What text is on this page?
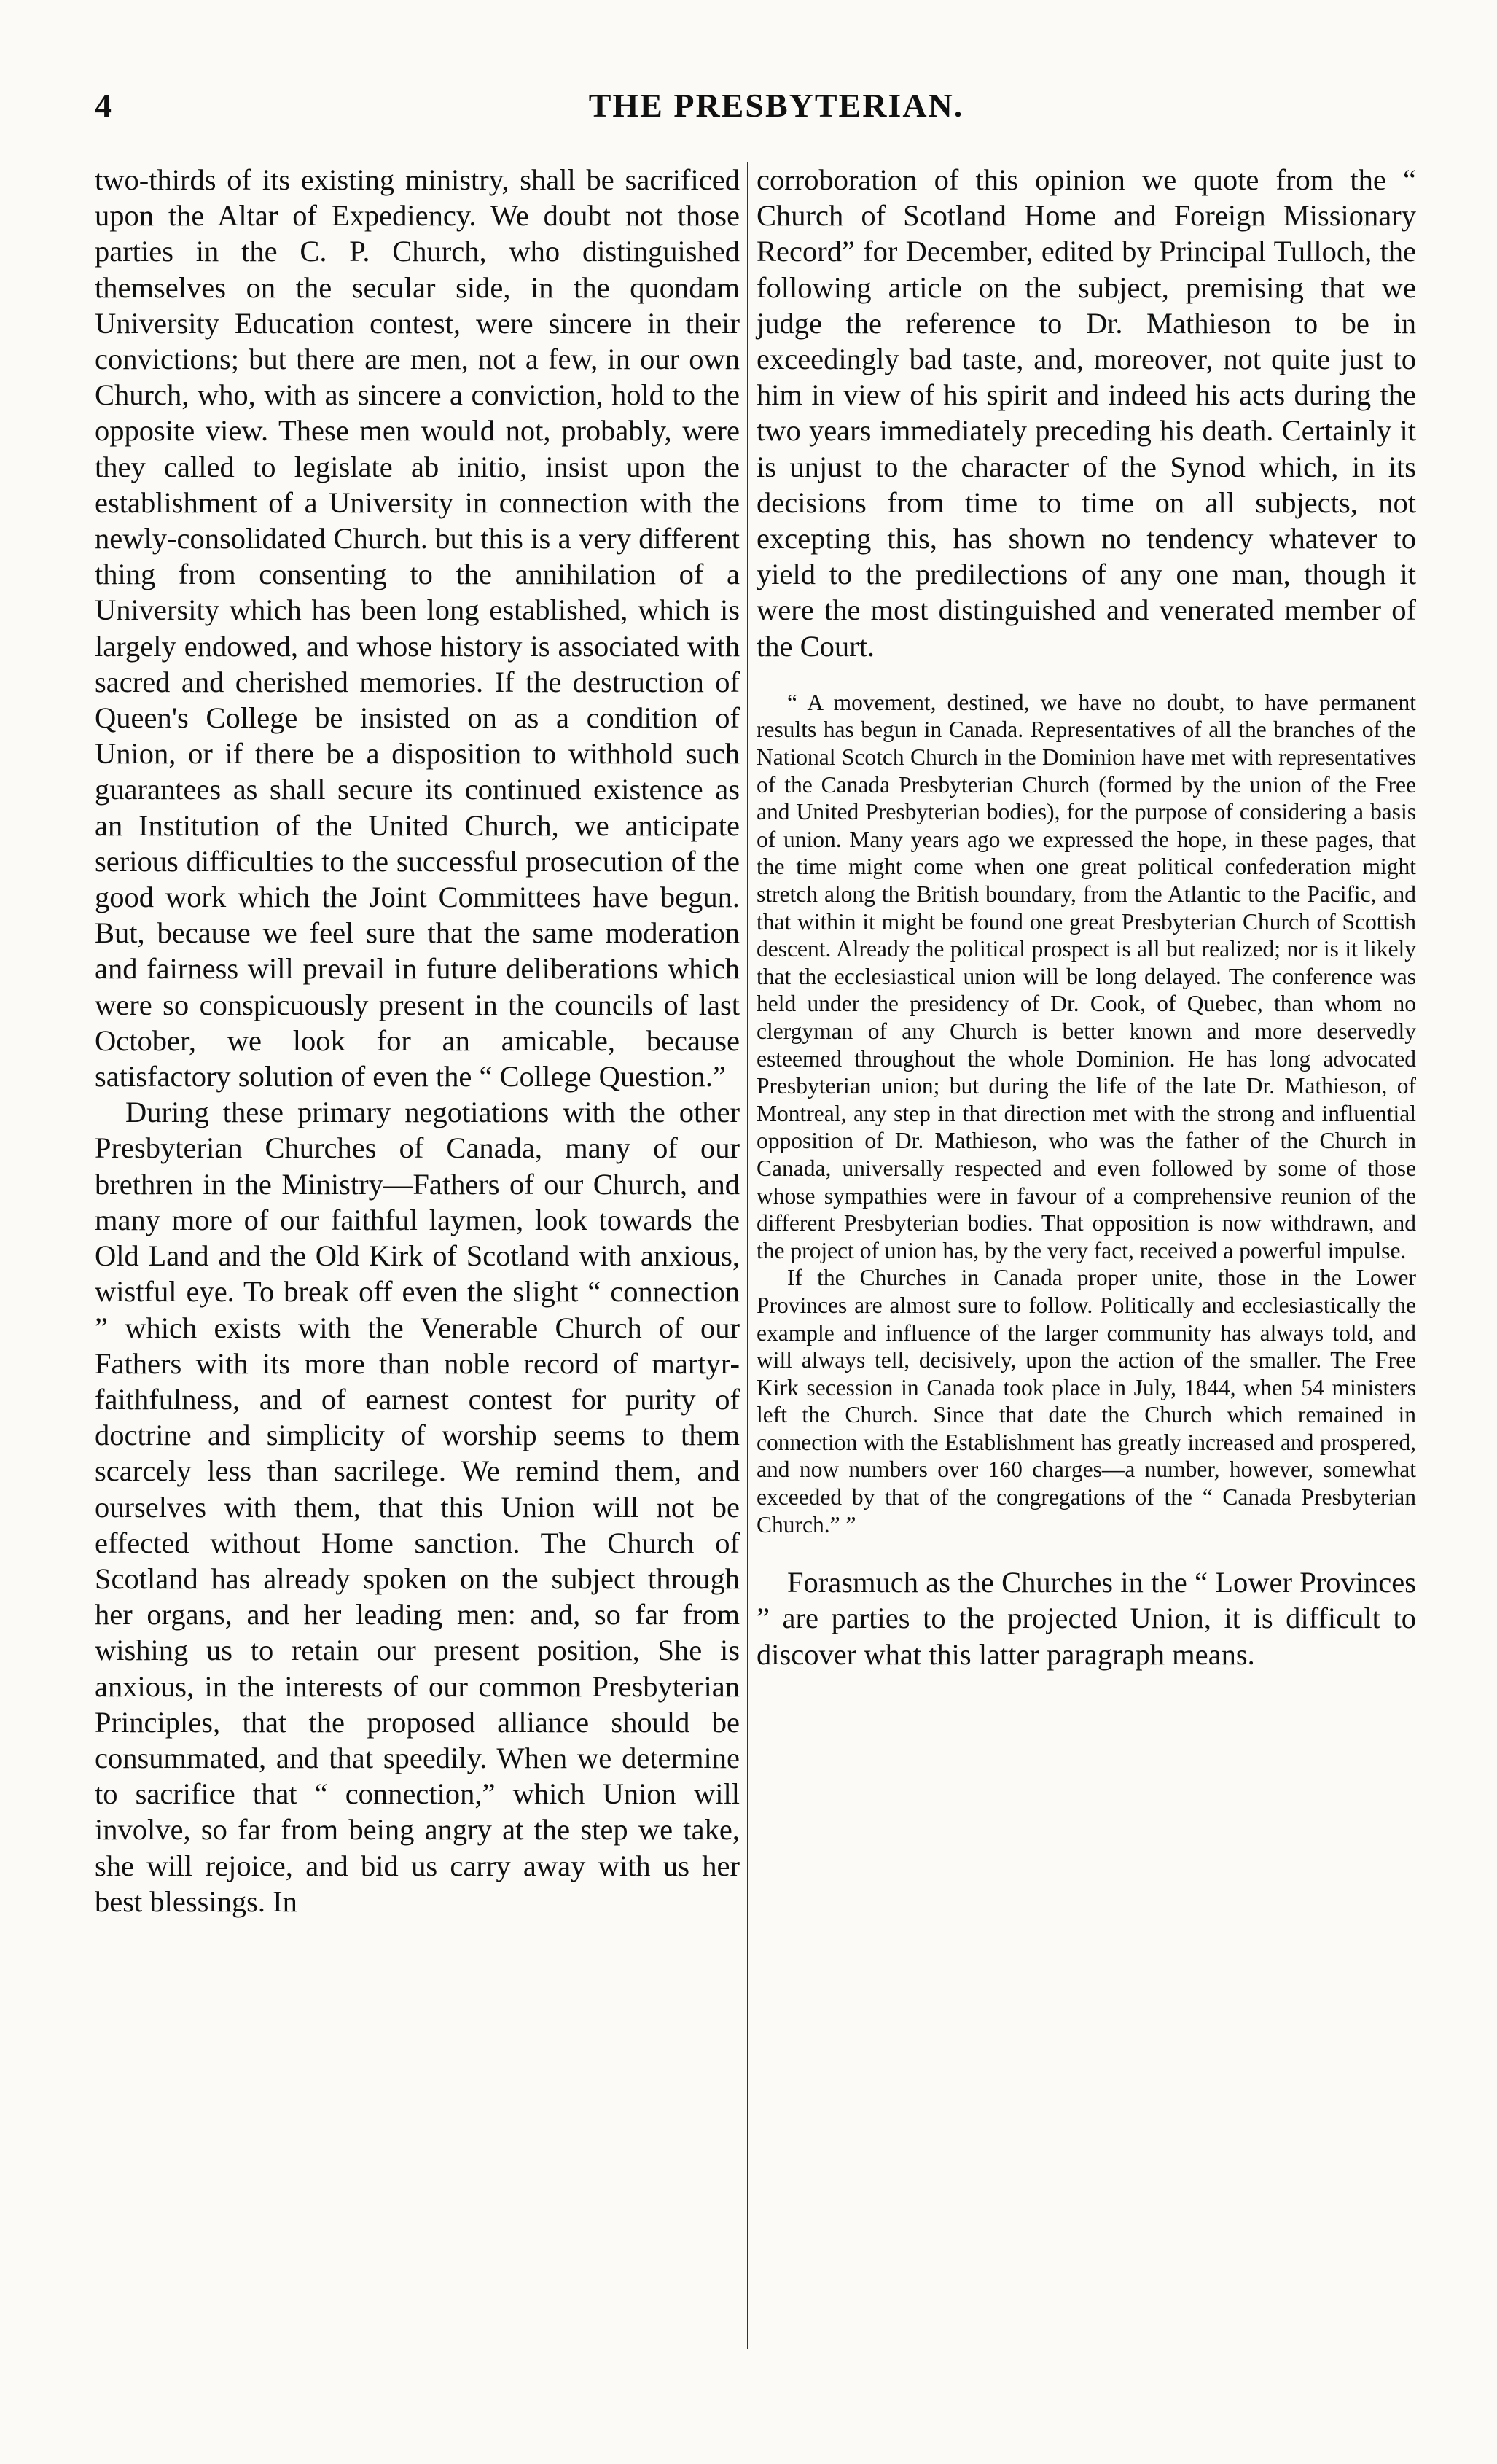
4	THE PRESBYTERIAN.

two-thirds of its existing ministry, shall be sacrificed upon the Altar of Expediency. We doubt not those parties in the C. P. Church, who distinguished themselves on the secular side, in the quondam University Education contest, were sincere in their convictions; but there are men, not a few, in our own Church, who, with as sincere a conviction, hold to the opposite view. These men would not, probably, were they called to legislate ab initio, insist upon the establishment of a University in connection with the newly-consolidated Church. but this is a very different thing from consenting to the annihilation of a University which has been long established, which is largely endowed, and whose history is associated with sacred and cherished memories. If the destruction of Queen's College be insisted on as a condition of Union, or if there be a disposition to withhold such guarantees as shall secure its continued existence as an Institution of the United Church, we anticipate serious difficulties to the successful prosecution of the good work which the Joint Committees have begun. But, because we feel sure that the same moderation and fairness will prevail in future deliberations which were so conspicuously present in the councils of last October, we look for an amicable, because satisfactory solution of even the “ College Question.”

During these primary negotiations with the other Presbyterian Churches of Canada, many of our brethren in the Ministry—Fathers of our Church, and many more of our faithful laymen, look towards the Old Land and the Old Kirk of Scotland with anxious, wistful eye. To break off even the slight “ connection ” which exists with the Venerable Church of our Fathers with its more than noble record of martyr-faithfulness, and of earnest contest for purity of doctrine and simplicity of worship seems to them scarcely less than sacrilege. We remind them, and ourselves with them, that this Union will not be effected without Home sanction. The Church of Scotland has already spoken on the subject through her organs, and her leading men: and, so far from wishing us to retain our present position, She is anxious, in the interests of our common Presbyterian Principles, that the proposed alliance should be consummated, and that speedily. When we determine to sacrifice that “ connection,” which Union will involve, so far from being angry at the step we take, she will rejoice, and bid us carry away with us her best blessings. In

corroboration of this opinion we quote from the “ Church of Scotland Home and Foreign Missionary Record” for December, edited by Principal Tulloch, the following article on the subject, premising that we judge the reference to Dr. Mathieson to be in exceedingly bad taste, and, moreover, not quite just to him in view of his spirit and indeed his acts during the two years immediately preceding his death. Certainly it is unjust to the character of the Synod which, in its decisions from time to time on all subjects, not excepting this, has shown no tendency whatever to yield to the predilections of any one man, though it were the most distinguished and venerated member of the Court.

“ A movement, destined, we have no doubt, to have permanent results has begun in Canada. Representatives of all the branches of the National Scotch Church in the Dominion have met with representatives of the Canada Presbyterian Church (formed by the union of the Free and United Presbyterian bodies), for the purpose of considering a basis of union. Many years ago we expressed the hope, in these pages, that the time might come when one great political confederation might stretch along the British boundary, from the Atlantic to the Pacific, and that within it might be found one great Presbyterian Church of Scottish descent. Already the political prospect is all but realized; nor is it likely that the ecclesiastical union will be long delayed. The conference was held under the presidency of Dr. Cook, of Quebec, than whom no clergyman of any Church is better known and more deservedly esteemed throughout the whole Dominion. He has long advocated Presbyterian union; but during the life of the late Dr. Mathieson, of Montreal, any step in that direction met with the strong and influential opposition of Dr. Mathieson, who was the father of the Church in Canada, universally respected and even followed by some of those whose sympathies were in favour of a comprehensive reunion of the different Presbyterian bodies. That opposition is now withdrawn, and the project of union has, by the very fact, received a powerful impulse.

If the Churches in Canada proper unite, those in the Lower Provinces are almost sure to follow. Politically and ecclesiastically the example and influence of the larger community has always told, and will always tell, decisively, upon the action of the smaller. The Free Kirk secession in Canada took place in July, 1844, when 54 ministers left the Church. Since that date the Church which remained in connection with the Establishment has greatly increased and prospered, and now numbers over 160 charges—a number, however, somewhat exceeded by that of the congregations of the “ Canada Presbyterian Church.” ”

Forasmuch as the Churches in the “ Lower Provinces ” are parties to the projected Union, it is difficult to discover what this latter paragraph means.
